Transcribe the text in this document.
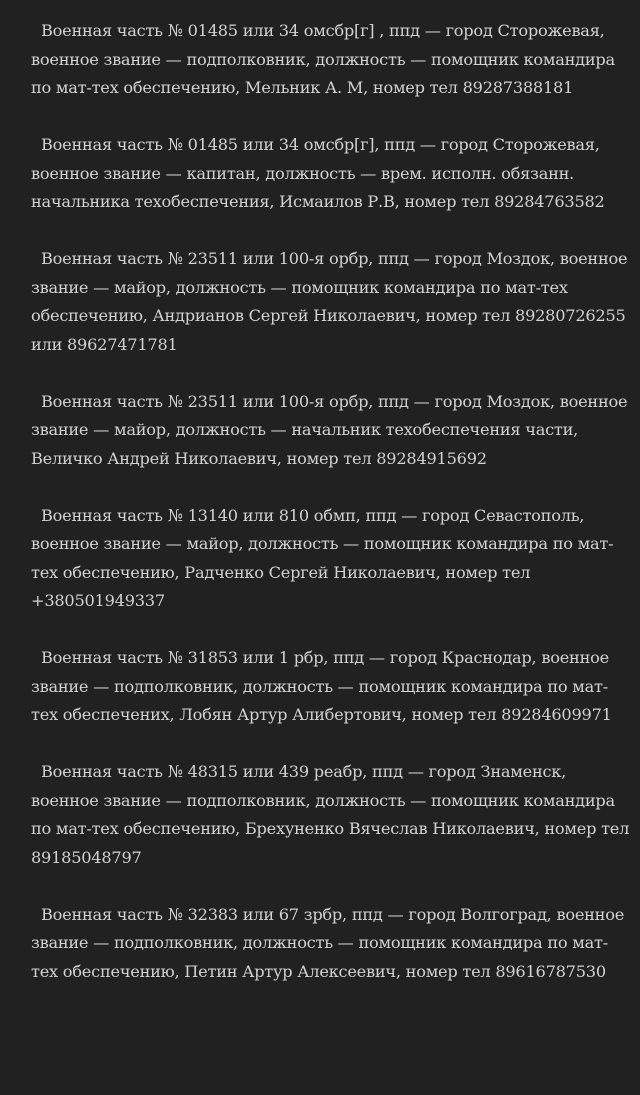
Военная часть № 01485 или 34 омсбр[г] , ппд — город Сторожевая, военное звание — подполковник, должность — помощник командира по мат-тех обеспечению, Мельник А. М, номер тел 89287388181

Военная часть № 01485 или 34 омсбр[г], ппд — город Сторожевая, военное звание — капитан, должность — врем. исполн. обязанн. начальника техобеспечения, Исмаилов Р.В, номер тел 89284763582

Военная часть № 23511 или 100-я орбр, ппд — город Моздок, военное звание — майор, должность — помощник командира по мат-тех обеспечению, Андрианов Сергей Николаевич, номер тел 89280726255 или 89627471781

Военная часть № 23511 или 100-я орбр, ппд — город Моздок, военное звание — майор, должность — начальник техобеспечения части, Величко Андрей Николаевич, номер тел 89284915692

Военная часть № 13140 или 810 обмп, ппд — город Севастополь, военное звание — майор, должность — помощник командира по мат-тех обеспечению, Радченко Сергей Николаевич, номер тел +380501949337

Военная часть № 31853 или 1 рбр, ппд — город Краснодар, военное звание — подполковник, должность — помощник командира по мат-тех обеспечених, Лобян Артур Алибертович, номер тел 89284609971

Военная часть № 48315 или 439 реабр, ппд — город Знаменск, военное звание — подполковник, должность — помощник командира по мат-тех обеспечению, Брехуненко Вячеслав Николаевич, номер тел 89185048797

Военная часть № 32383 или 67 зрбр, ппд — город Волгоград, военное звание — подполковник, должность — помощник командира по мат-тех обеспечению, Петин Артур Алексеевич, номер тел 89616787530
